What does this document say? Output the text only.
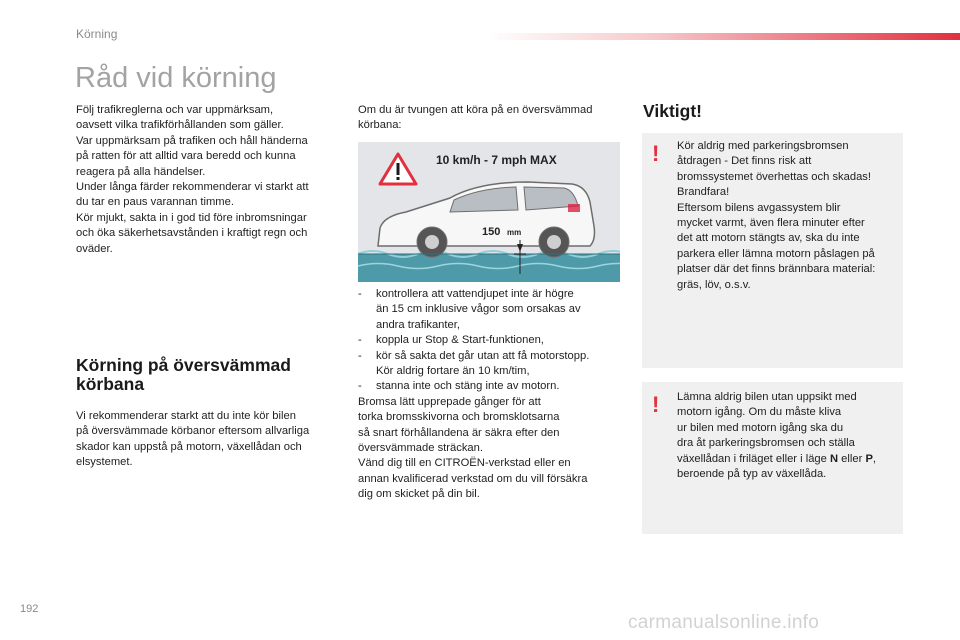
Körning
Råd vid körning
Följ trafikreglerna och var uppmärksam,
oavsett vilka trafikförhållanden som gäller.
Var uppmärksam på trafiken och håll händerna
på ratten för att alltid vara beredd och kunna
reagera på alla händelser.
Under långa färder rekommenderar vi starkt att
du tar en paus varannan timme.
Kör mjukt, sakta in i god tid före inbromsningar
och öka säkerhetsavstånden i kraftigt regn och
oväder.
Körning på översvämmad
körbana
Vi rekommenderar starkt att du inte kör bilen
på översvämmade körbanor eftersom allvarliga
skador kan uppstå på motorn, växellådan och
elsystemet.
Om du är tvungen att köra på en översvämmad
körbana:
10 km/h - 7 mph MAX
150 mm
- kontrollera att vattendjupet inte är högre
än 15 cm inklusive vågor som orsakas av
andra trafikanter,
- koppla ur Stop & Start-funktionen,
- kör så sakta det går utan att få motorstopp.
Kör aldrig fortare än 10 km/tim,
- stanna inte och stäng inte av motorn.
Bromsa lätt upprepade gånger för att
torka bromsskivorna och bromsklotsarna
så snart förhållandena är säkra efter den
översvämmade sträckan.
Vänd dig till en CITROËN-verkstad eller en
annan kvalificerad verkstad om du vill försäkra
dig om skicket på din bil.
Viktigt!
! Kör aldrig med parkeringsbromsen
åtdragen - Det finns risk att
bromssystemet överhettas och skadas!
Brandfara!
Eftersom bilens avgassystem blir
mycket varmt, även flera minuter efter
det att motorn stängts av, ska du inte
parkera eller lämna motorn påslagen på
platser där det finns brännbara material:
gräs, löv, o.s.v.
! Lämna aldrig bilen utan uppsikt med
motorn igång. Om du måste kliva
ur bilen med motorn igång ska du
dra åt parkeringsbromsen och ställa
växellådan i friläget eller i läge N eller P,
beroende på typ av växellåda.
192
carmanualsonline.info
